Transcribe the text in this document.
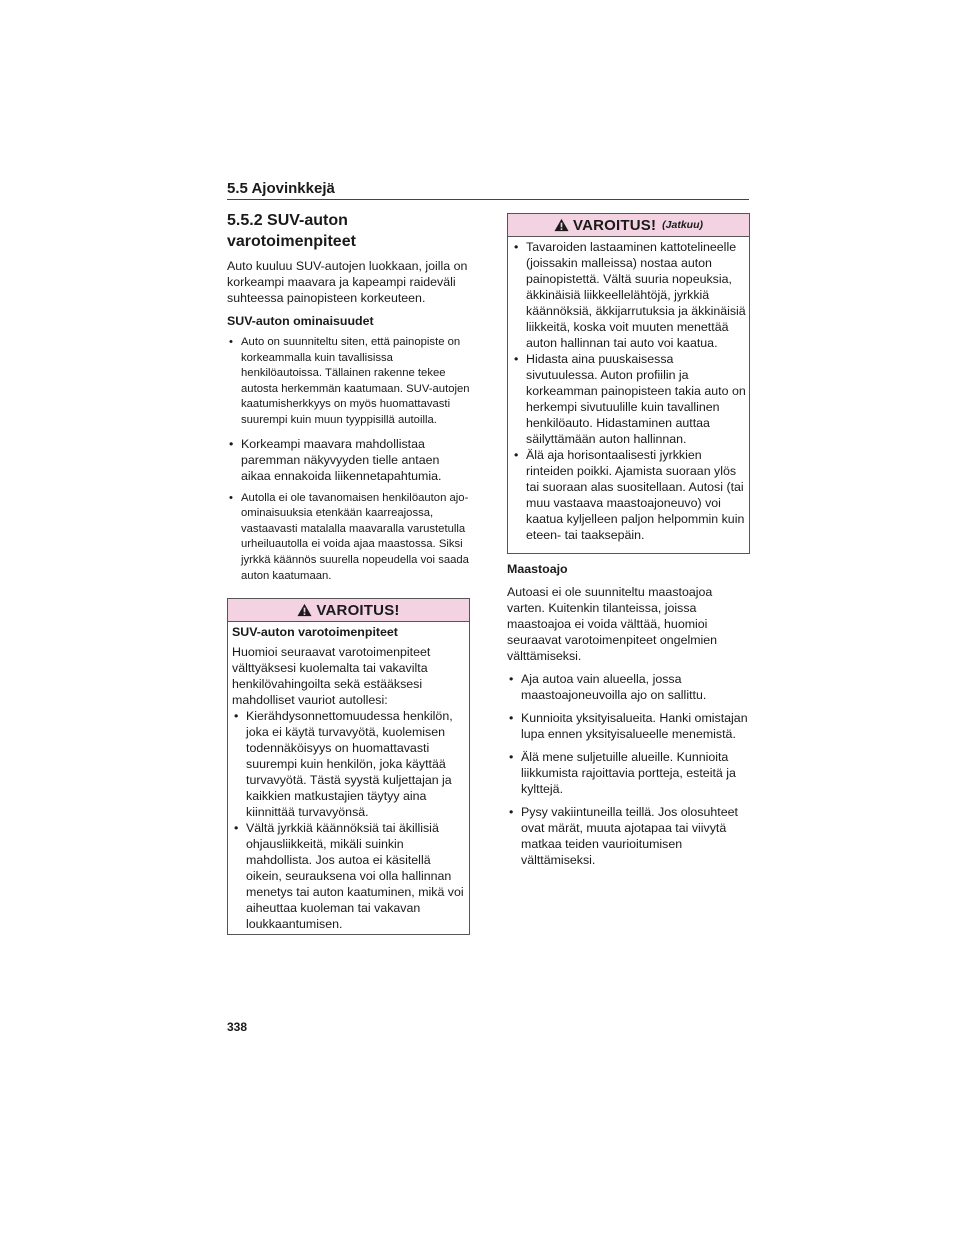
5.5 Ajovinkkejä
5.5.2 SUV-auton
varotoimenpiteet

Auto kuuluu SUV-autojen luokkaan, joilla on korkeampi maavara ja kapeampi raideväli suhteessa painopisteen korkeuteen.

SUV-auton ominaisuudet

• Auto on suunniteltu siten, että painopiste on korkeammalla kuin tavallisissa henkilöautoissa. Tällainen rakenne tekee autosta herkemmän kaatumaan. SUV-autojen kaatumisherkkyys on myös huomattavasti suurempi kuin muun tyyppisillä autoilla.
• Korkeampi maavara mahdollistaa paremman näkyvyyden tielle antaen aikaa ennakoida liikennetapahtumia.
• Autolla ei ole tavanomaisen henkilöauton ajo-ominaisuuksia etenkään kaarreajossa, vastaavasti matalalla maavaralla varustetulla urheiluautolla ei voida ajaa maastossa. Siksi jyrkkä käännös suurella nopeudella voi saada auton kaatumaan.
VAROITUS!

SUV-auton varotoimenpiteet

Huomioi seuraavat varotoimenpiteet välttyäksesi kuolemalta tai vakavilta henkilövahingoilta sekä estääksesi mahdolliset vauriot autollesi:

• Kierähdysonnettomuudessa henkilön, joka ei käytä turvavyötä, kuolemisen todennäköisyys on huomattavasti suurempi kuin henkilön, joka käyttää turvavyötä. Tästä syystä kuljettajan ja kaikkien matkustajien täytyy aina kiinnittää turvavyönsä.
• Vältä jyrkkiä käännöksiä tai äkillisiä ohjausliikkeitä, mikäli suinkin mahdollista. Jos autoa ei käsitellä oikein, seurauksena voi olla hallinnan menetys tai auton kaatuminen, mikä voi aiheuttaa kuoleman tai vakavan loukkaantumisen.
VAROITUS! (Jatkuu)
• Tavaroiden lastaaminen kattotelineelle (joissakin malleissa) nostaa auton painopistettä. Vältä suuria nopeuksia, äkkinäisiä liikkeellelähtöjä, jyrkkiä käännöksiä, äkkijarrutuksia ja äkkinäisiä liikkeitä, koska voit muuten menettää auton hallinnan tai auto voi kaatua.
• Hidasta aina puuskaisessa sivutuulessa. Auton profiilin ja korkeamman painopisteen takia auto on herkempi sivutuulille kuin tavallinen henkilöauto. Hidastaminen auttaa säilyttämään auton hallinnan.
• Älä aja horisontaalisesti jyrkkien rinteiden poikki. Ajamista suoraan ylös tai suoraan alas suositellaan. Autosi (tai muu vastaava maastoajoneuvo) voi kaatua kyljelleen paljon helpommin kuin eteen- tai taaksepäin.

Maastoajo

Autoasi ei ole suunniteltu maastoajoa varten. Kuitenkin tilanteissa, joissa maastoajoa ei voida välttää, huomioi seuraavat varotoimenpiteet ongelmien välttämiseksi.

• Aja autoa vain alueella, jossa maastoajoneuvoilla ajo on sallittu.
• Kunnioita yksityisalueita. Hanki omistajan lupa ennen yksityisalueelle menemistä.
• Älä mene suljetuille alueille. Kunnioita liikkumista rajoittavia portteja, esteitä ja kylttejä.
• Pysy vakiintuneilla teillä. Jos olosuhteet ovat märät, muuta ajotapaa tai viivytä matkaa teiden vaurioitumisen välttämiseksi.
338
